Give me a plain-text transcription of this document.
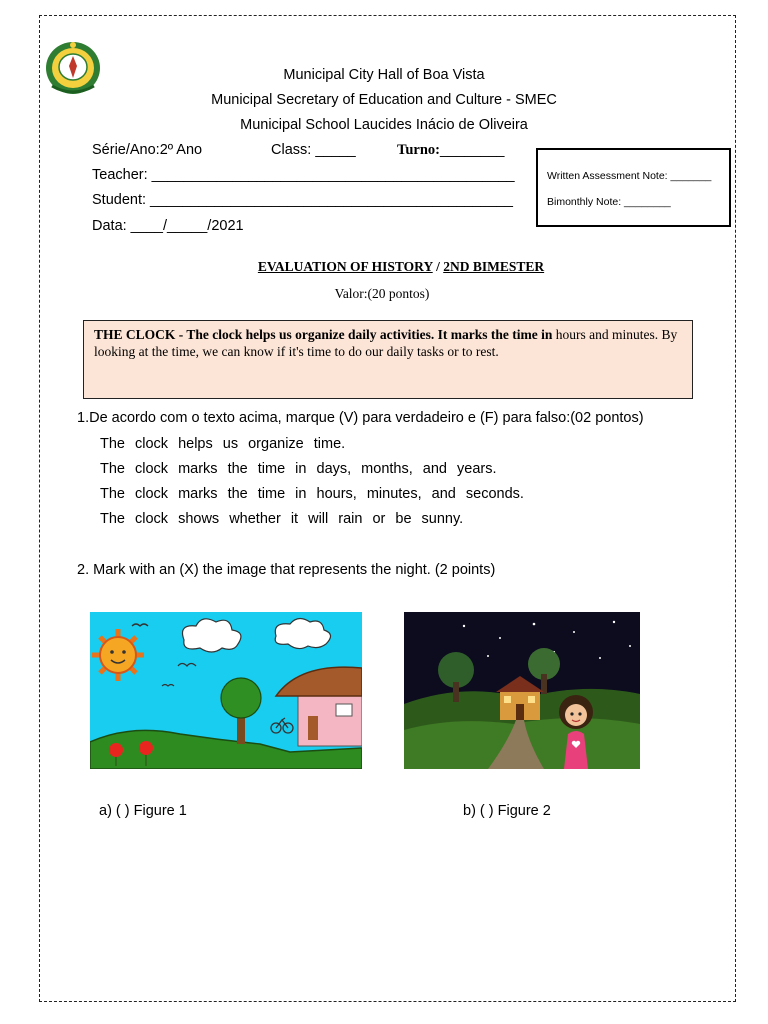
Municipal City Hall of Boa Vista
Municipal Secretary of Education and Culture - SMEC
Municipal School Laucides Inácio de Oliveira
Série/Ano:2º Ano	Class: _____	Turno:________
Teacher: _____________________________________________
Student: _____________________________________________
Data: ____/_____/2021
Written Assessment Note: _______
Bimonthly Note: ________
EVALUATION OF HISTORY / 2ND BIMESTER
Valor:(20 pontos)
THE CLOCK - The clock helps us organize daily activities. It marks the time in hours and minutes. By looking at the time, we can know if it's time to do our daily tasks or to rest.
1.De acordo com o texto acima, marque (V) para verdadeiro e (F) para falso:(02 pontos)
The clock helps us organize time.
The clock marks the time in days, months, and years.
The clock marks the time in hours, minutes, and seconds.
The clock shows whether it will rain or be sunny.
2. Mark with an (X) the image that represents the night. (2 points)
a) ( ) Figure 1	b) ( ) Figure 2
